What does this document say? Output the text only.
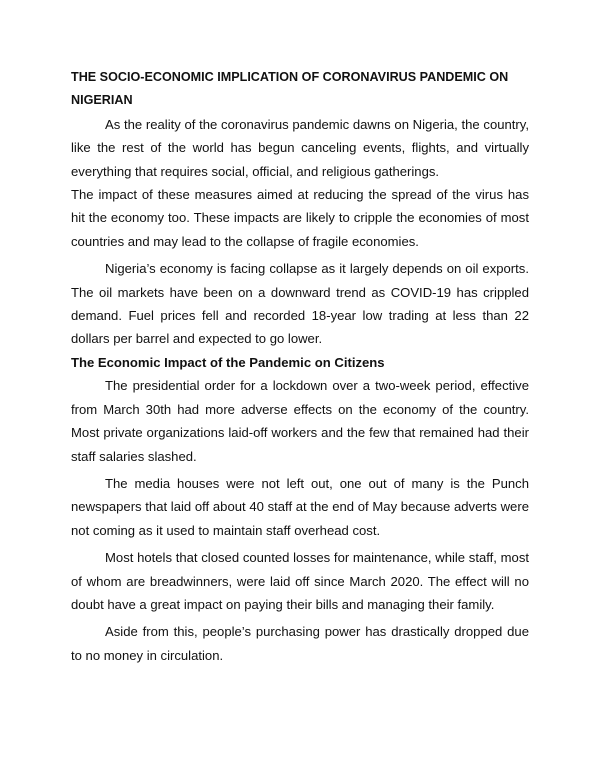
THE SOCIO-ECONOMIC IMPLICATION OF CORONAVIRUS PANDEMIC ON NIGERIAN

As the reality of the coronavirus pandemic dawns on Nigeria, the country, like the rest of the world has begun canceling events, flights, and virtually everything that requires social, official, and religious gatherings.

The impact of these measures aimed at reducing the spread of the virus has hit the economy too. These impacts are likely to cripple the economies of most countries and may lead to the collapse of fragile economies.

Nigeria’s economy is facing collapse as it largely depends on oil exports. The oil markets have been on a downward trend as COVID-19 has crippled demand. Fuel prices fell and recorded 18-year low trading at less than 22 dollars per barrel and expected to go lower.

The Economic Impact of the Pandemic on Citizens

The presidential order for a lockdown over a two-week period, effective from March 30th had more adverse effects on the economy of the country. Most private organizations laid-off workers and the few that remained had their staff salaries slashed.

The media houses were not left out, one out of many is the Punch newspapers that laid off about 40 staff at the end of May because adverts were not coming as it used to maintain staff overhead cost.

Most hotels that closed counted losses for maintenance, while staff, most of whom are breadwinners, were laid off since March 2020. The effect will no doubt have a great impact on paying their bills and managing their family.

Aside from this, people’s purchasing power has drastically dropped due to no money in circulation.
